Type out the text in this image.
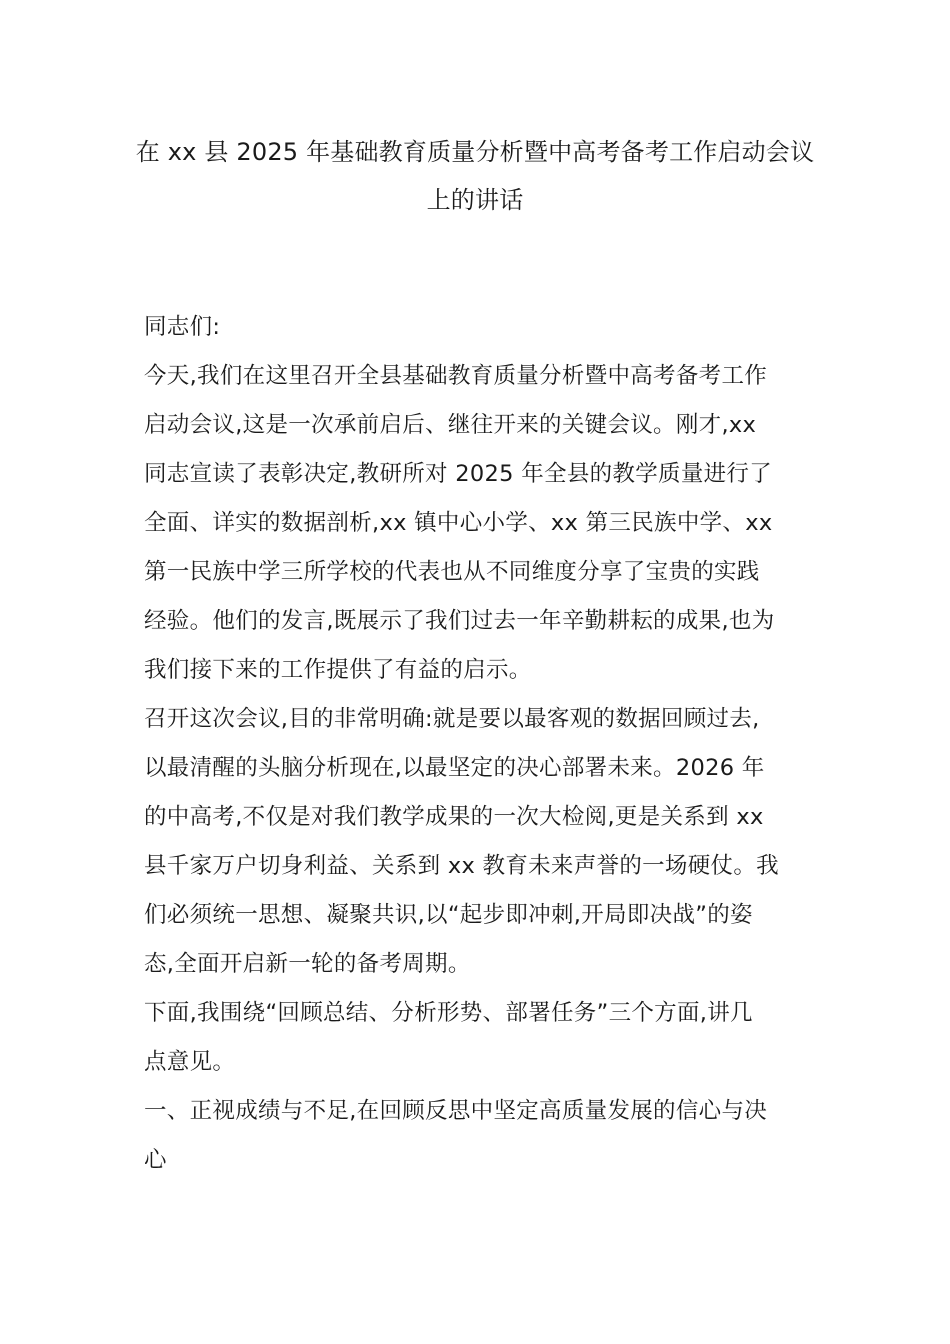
在 xx 县 2025 年基础教育质量分析暨中高考备考工作启动会议
上的讲话

同志们:

今天,我们在这里召开全县基础教育质量分析暨中高考备考工作

启动会议,这是一次承前启后、继往开来的关键会议。刚才,xx

同志宣读了表彰决定,教研所对 2025 年全县的教学质量进行了

全面、详实的数据剖析,xx 镇中心小学、xx 第三民族中学、xx

第一民族中学三所学校的代表也从不同维度分享了宝贵的实践

经验。他们的发言,既展示了我们过去一年辛勤耕耘的成果,也为

我们接下来的工作提供了有益的启示。

召开这次会议,目的非常明确:就是要以最客观的数据回顾过去,

以最清醒的头脑分析现在,以最坚定的决心部署未来。2026 年

的中高考,不仅是对我们教学成果的一次大检阅,更是关系到 xx

县千家万户切身利益、关系到 xx 教育未来声誉的一场硬仗。我

们必须统一思想、凝聚共识,以“起步即冲刺,开局即决战”的姿

态,全面开启新一轮的备考周期。

下面,我围绕“回顾总结、分析形势、部署任务”三个方面,讲几

点意见。

一、正视成绩与不足,在回顾反思中坚定高质量发展的信心与决

心
